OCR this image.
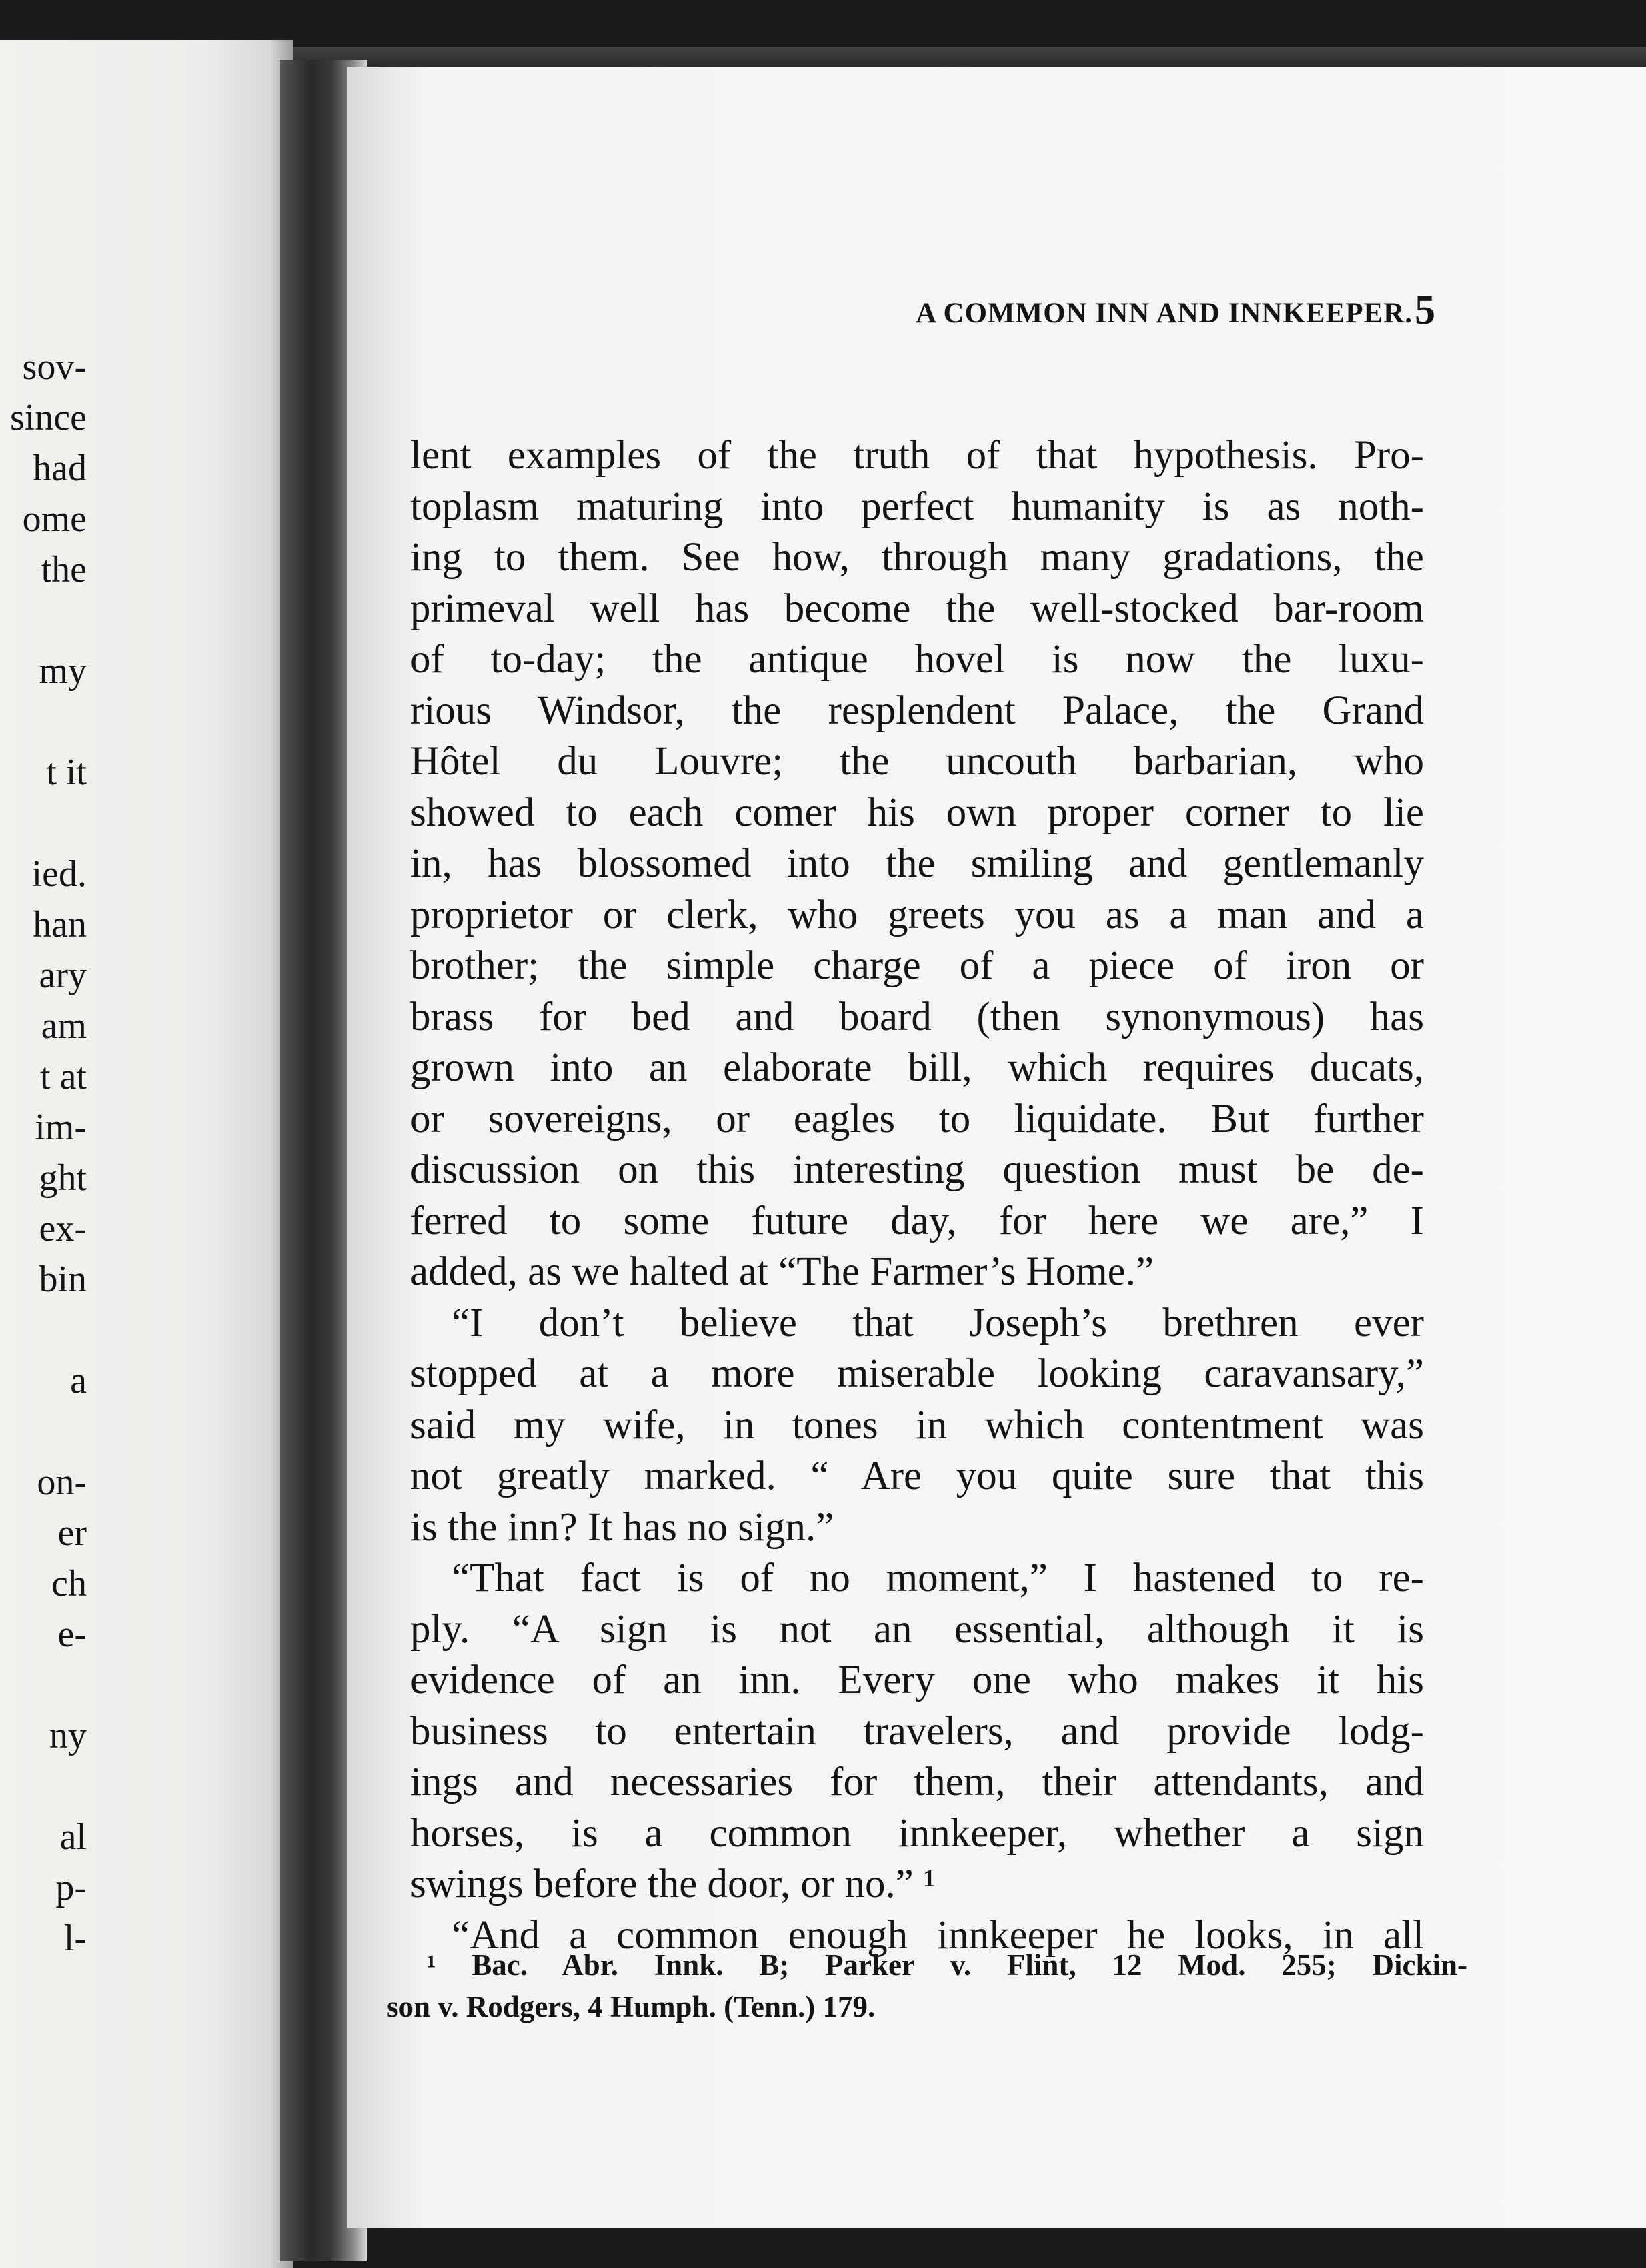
sov-
since
had
ome
the
my
t it
ied.
han
ary
am
t at
im-
ght
ex-
bin
a
on-
er
ch
e-
ny
al
p-
l-
A COMMON INN AND INNKEEPER. 5
lent examples of the truth of that hypothesis. Pro-
toplasm maturing into perfect humanity is as noth-
ing to them. See how, through many gradations, the
primeval well has become the well-stocked bar-room
of to-day; the antique hovel is now the luxu-
rious Windsor, the resplendent Palace, the Grand
Hôtel du Louvre; the uncouth barbarian, who
showed to each comer his own proper corner to lie
in, has blossomed into the smiling and gentlemanly
proprietor or clerk, who greets you as a man and a
brother; the simple charge of a piece of iron or
brass for bed and board (then synonymous) has
grown into an elaborate bill, which requires ducats,
or sovereigns, or eagles to liquidate. But further
discussion on this interesting question must be de-
ferred to some future day, for here we are,” I
added, as we halted at “The Farmer’s Home.”
“I don’t believe that Joseph’s brethren ever
stopped at a more miserable looking caravansary,”
said my wife, in tones in which contentment was
not greatly marked. “ Are you quite sure that this
is the inn? It has no sign.”
“That fact is of no moment,” I hastened to re-
ply. “A sign is not an essential, although it is
evidence of an inn. Every one who makes it his
business to entertain travelers, and provide lodg-
ings and necessaries for them, their attendants, and
horses, is a common innkeeper, whether a sign
swings before the door, or no.” ¹
“And a common enough innkeeper he looks, in all
¹ Bac. Abr. Innk. B; Parker v. Flint, 12 Mod. 255; Dickin-
son v. Rodgers, 4 Humph. (Tenn.) 179.
